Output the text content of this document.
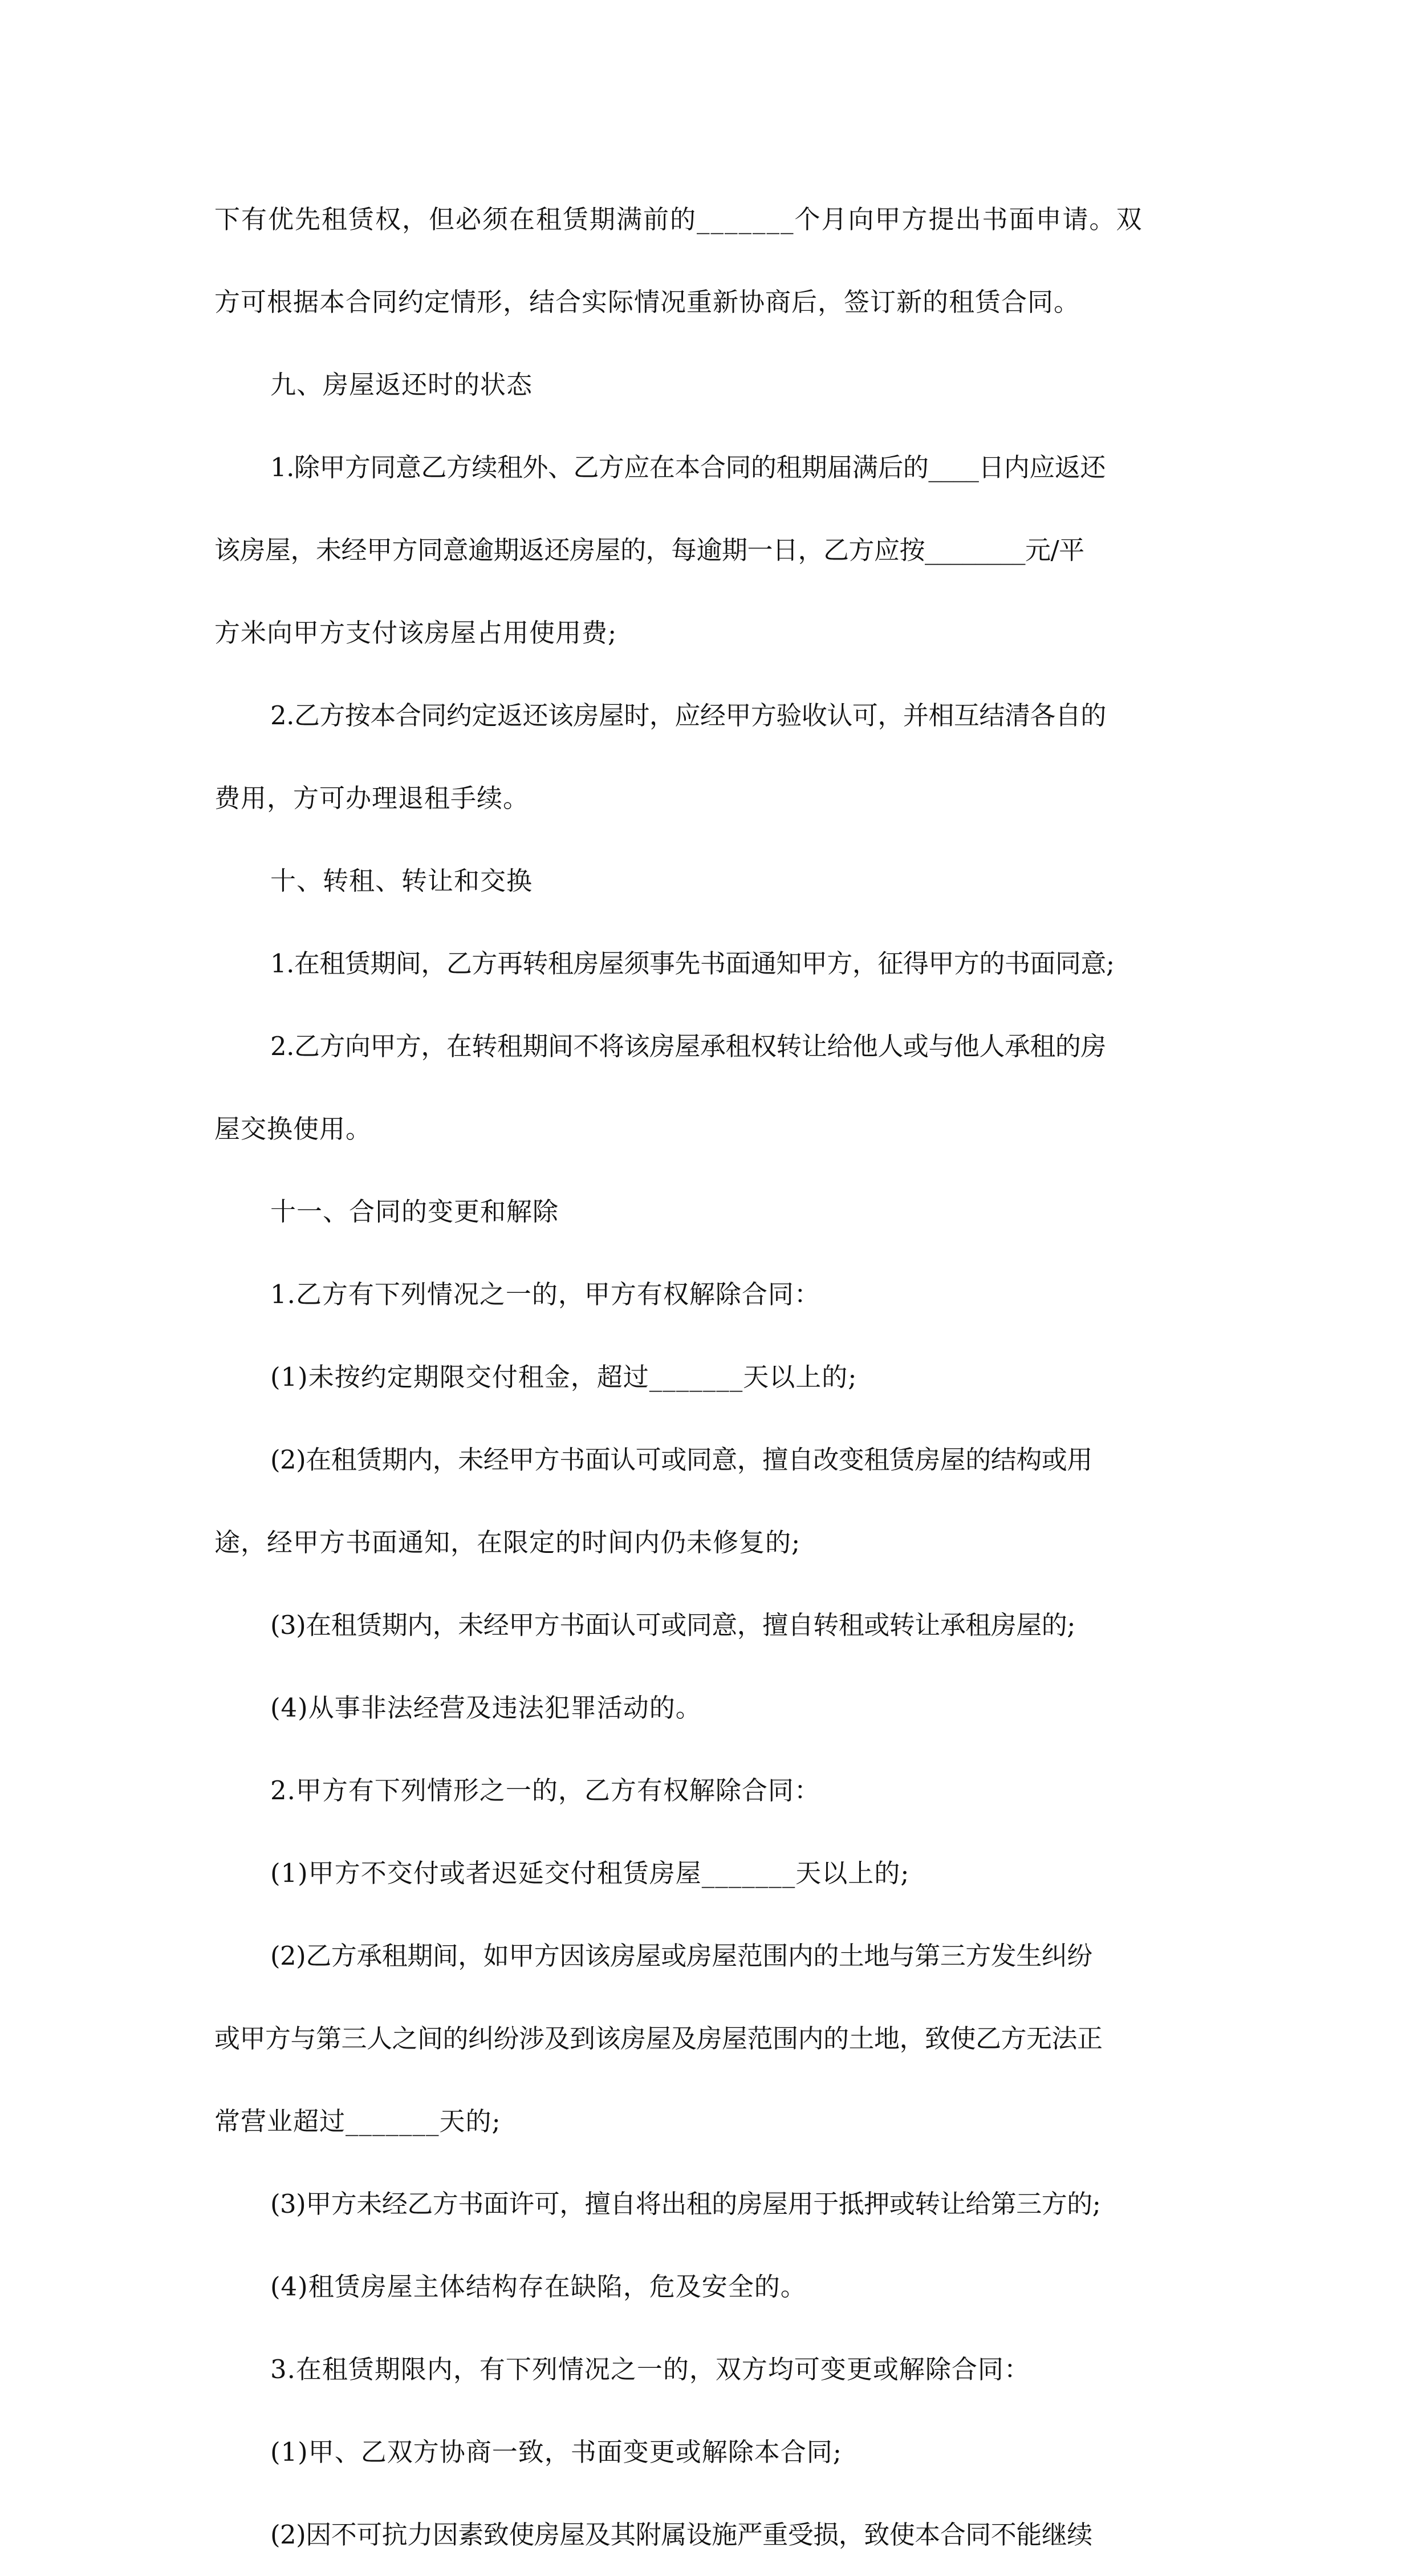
下有优先租赁权，但必须在租赁期满前的_______个月向甲方提出书面申请。双
方可根据本合同约定情形，结合实际情况重新协商后，签订新的租赁合同。
九、房屋返还时的状态
1.除甲方同意乙方续租外、乙方应在本合同的租期届满后的____日内应返还
该房屋，未经甲方同意逾期返还房屋的，每逾期一日，乙方应按________元/平
方米向甲方支付该房屋占用使用费;
2.乙方按本合同约定返还该房屋时，应经甲方验收认可，并相互结清各自的
费用，方可办理退租手续。
十、转租、转让和交换
1.在租赁期间，乙方再转租房屋须事先书面通知甲方，征得甲方的书面同意;
2.乙方向甲方，在转租期间不将该房屋承租权转让给他人或与他人承租的房
屋交换使用。
十一、合同的变更和解除
1.乙方有下列情况之一的，甲方有权解除合同：
(1)未按约定期限交付租金，超过_______天以上的;
(2)在租赁期内，未经甲方书面认可或同意，擅自改变租赁房屋的结构或用
途，经甲方书面通知，在限定的时间内仍未修复的;
(3)在租赁期内，未经甲方书面认可或同意，擅自转租或转让承租房屋的;
(4)从事非法经营及违法犯罪活动的。
2.甲方有下列情形之一的，乙方有权解除合同：
(1)甲方不交付或者迟延交付租赁房屋_______天以上的;
(2)乙方承租期间，如甲方因该房屋或房屋范围内的土地与第三方发生纠纷
或甲方与第三人之间的纠纷涉及到该房屋及房屋范围内的土地，致使乙方无法正
常营业超过_______天的;
(3)甲方未经乙方书面许可，擅自将出租的房屋用于抵押或转让给第三方的;
(4)租赁房屋主体结构存在缺陷，危及安全的。
3.在租赁期限内，有下列情况之一的，双方均可变更或解除合同：
(1)甲、乙双方协商一致，书面变更或解除本合同;
(2)因不可抗力因素致使房屋及其附属设施严重受损，致使本合同不能继续
